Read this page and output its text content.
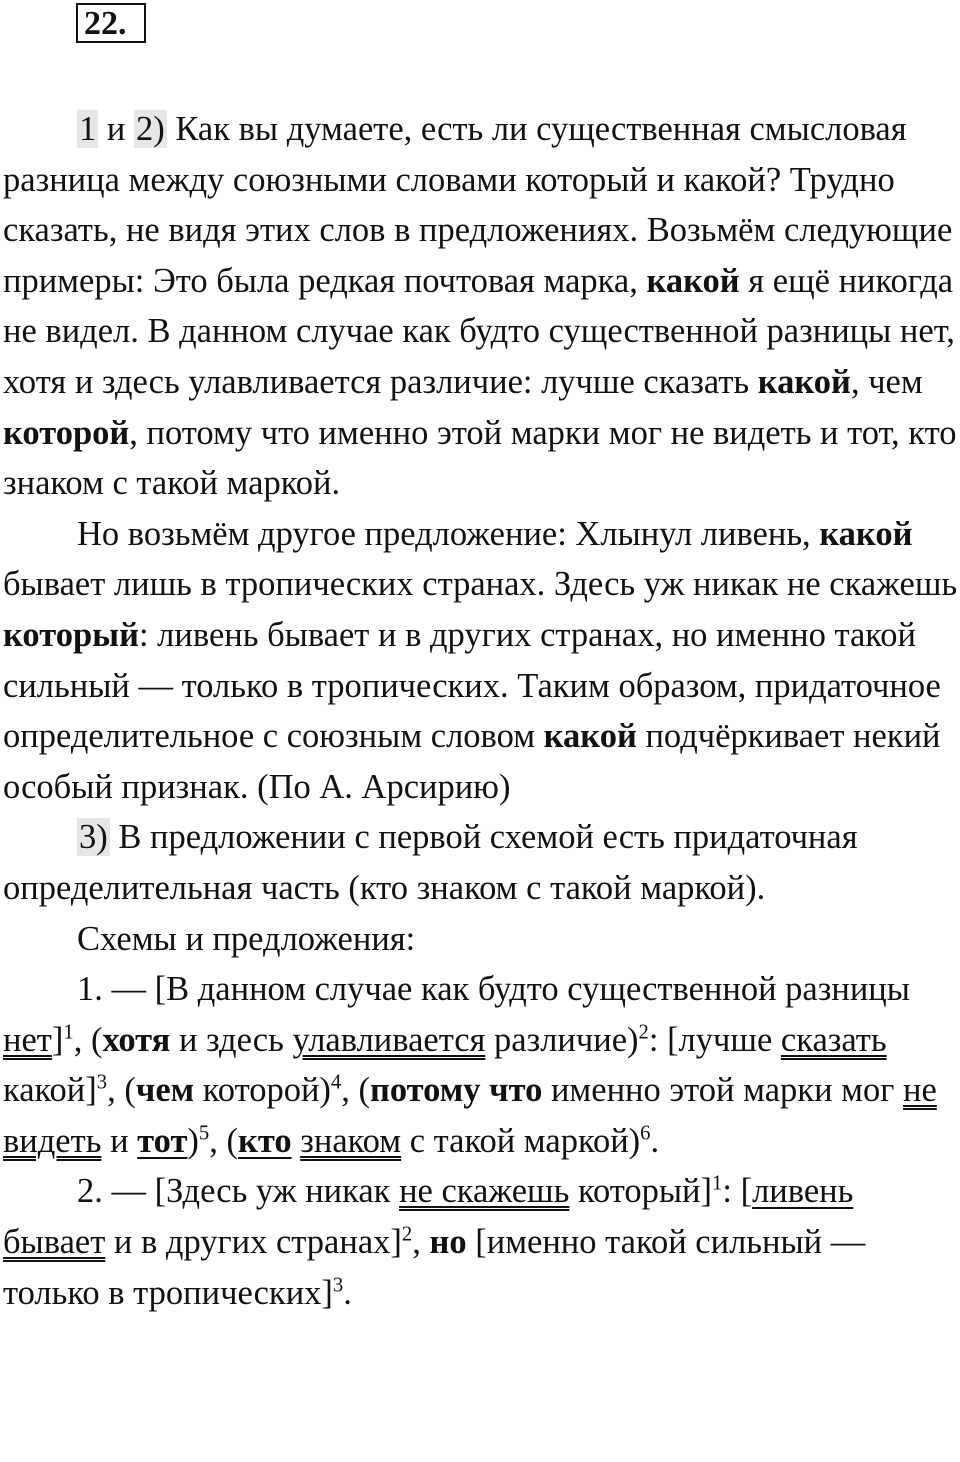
22.

1 и 2) Как вы думаете, есть ли существенная смысловая разница между союзными словами который и какой? Трудно сказать, не видя этих слов в предложениях. Возьмём следующие примеры: Это была редкая почтовая марка, какой я ещё никогда не видел. В данном случае как будто существенной разницы нет, хотя и здесь улавливается различие: лучше сказать какой, чем которой, потому что именно этой марки мог не видеть и тот, кто знаком с такой маркой.

Но возьмём другое предложение: Хлынул ливень, какой бывает лишь в тропических странах. Здесь уж никак не скажешь который: ливень бывает и в других странах, но именно такой сильный — только в тропических. Таким образом, придаточное определительное с союзным словом какой подчёркивает некий особый признак. (По А. Арсирию)

3) В предложении с первой схемой есть придаточная определительная часть (кто знаком с такой маркой).

Схемы и предложения:

1. — [В данном случае как будто существенной разницы нет]$^1$, (хотя и здесь улавливается различие)$^2$: [лучше сказать какой]$^3$, (чем которой)$^4$, (потому что именно этой марки мог не видеть и тот)$^5$, (кто знаком с такой маркой)$^6$.

2. — [Здесь уж никак не скажешь который]$^1$: [ливень бывает и в других странах]$^2$, но [именно такой сильный — только в тропических]$^3$.
